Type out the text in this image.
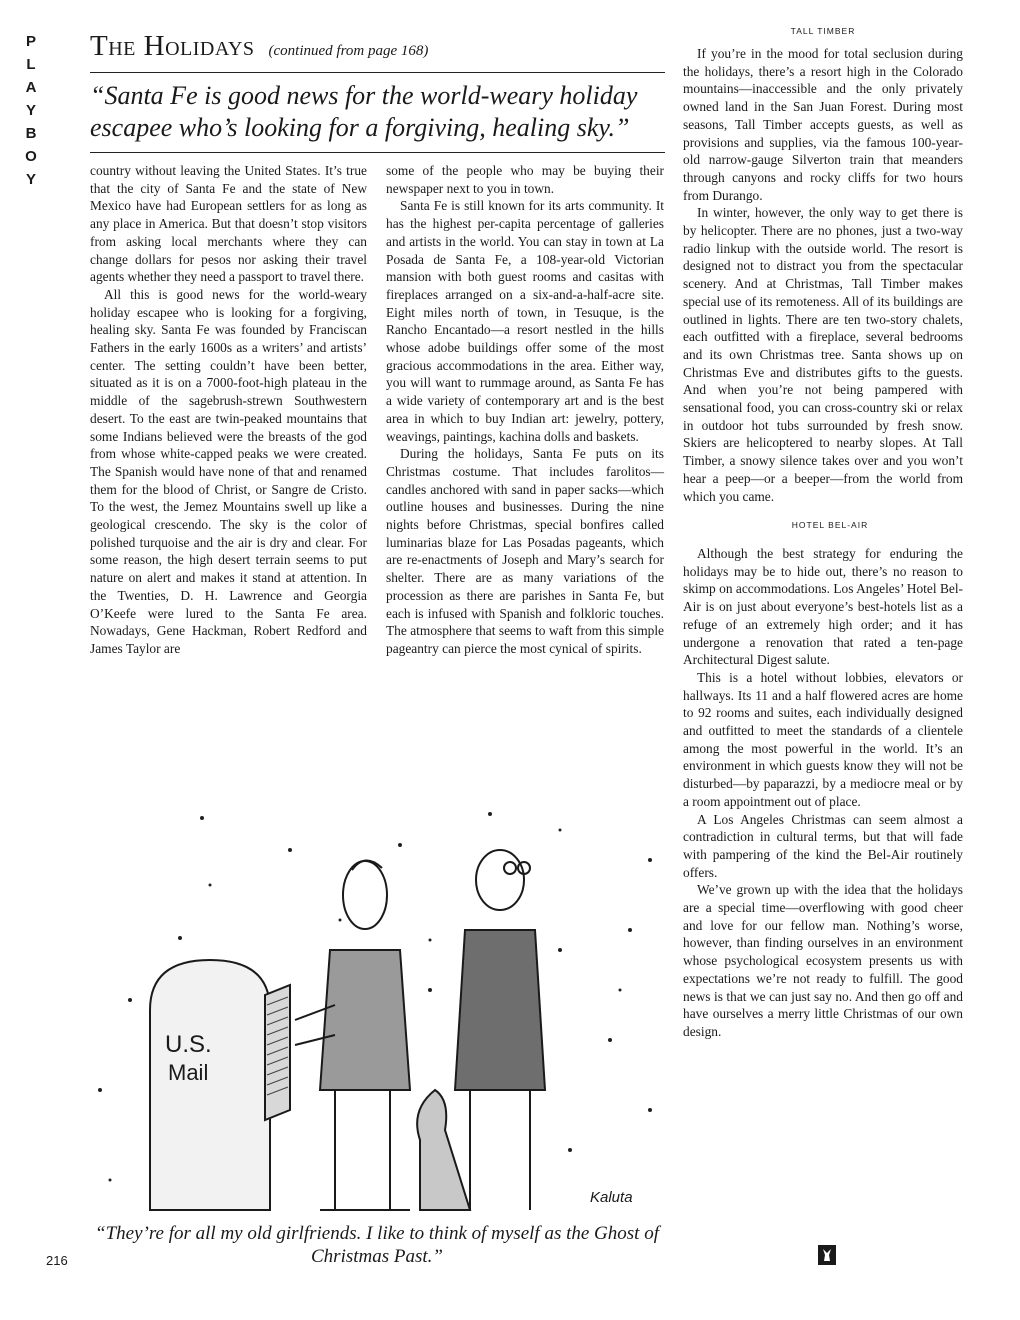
P
L
A
Y
B
O
Y
The Holidays (continued from page 168)
“Santa Fe is good news for the world-weary holiday escapee who’s looking for a forgiving, healing sky.”

country without leaving the United States. It’s true that the city of Santa Fe and the state of New Mexico have had European settlers for as long as any place in America. But that doesn’t stop visitors from asking local merchants where they can change dollars for pesos nor asking their travel agents whether they need a passport to travel there.

All this is good news for the world-weary holiday escapee who is looking for a forgiving, healing sky. Santa Fe was founded by Franciscan Fathers in the early 1600s as a writers’ and artists’ center. The setting couldn’t have been better, situated as it is on a 7000-foot-high plateau in the middle of the sagebrush-strewn Southwestern desert. To the east are twin-peaked mountains that some Indians believed were the breasts of the god from whose white-capped peaks we were created. The Spanish would have none of that and renamed them for the blood of Christ, or Sangre de Cristo. To the west, the Jemez Mountains swell up like a geological crescendo. The sky is the color of polished turquoise and the air is dry and clear. For some reason, the high desert terrain seems to put nature on alert and makes it stand at attention. In the Twenties, D. H. Lawrence and Georgia O’Keefe were lured to the Santa Fe area. Nowadays, Gene Hackman, Robert Redford and James Taylor are

some of the people who may be buying their newspaper next to you in town.

Santa Fe is still known for its arts community. It has the highest per-capita percentage of galleries and artists in the world. You can stay in town at La Posada de Santa Fe, a 108-year-old Victorian mansion with both guest rooms and casitas with fireplaces arranged on a six-and-a-half-acre site. Eight miles north of town, in Tesuque, is the Rancho Encantado—a resort nestled in the hills whose adobe buildings offer some of the most gracious accommodations in the area. Either way, you will want to rummage around, as Santa Fe has a wide variety of contemporary art and is the best area in which to buy Indian art: jewelry, pottery, weavings, paintings, kachina dolls and baskets.

During the holidays, Santa Fe puts on its Christmas costume. That includes farolitos—candles anchored with sand in paper sacks—which outline houses and businesses. During the nine nights before Christmas, special bonfires called luminarias blaze for Las Posadas pageants, which are re-enactments of Joseph and Mary’s search for shelter. There are as many variations of the procession as there are parishes in Santa Fe, but each is infused with Spanish and folkloric touches. The atmosphere that seems to waft from this simple pageantry can pierce the most cynical of spirits.

TALL TIMBER

If you’re in the mood for total seclusion during the holidays, there’s a resort high in the Colorado mountains—inaccessible and the only privately owned land in the San Juan Forest. During most seasons, Tall Timber accepts guests, as well as provisions and supplies, via the famous 100-year-old narrow-gauge Silverton train that meanders through canyons and rocky cliffs for two hours from Durango.

In winter, however, the only way to get there is by helicopter. There are no phones, just a two-way radio linkup with the outside world. The resort is designed not to distract you from the spectacular scenery. And at Christmas, Tall Timber makes special use of its remoteness. All of its buildings are outlined in lights. There are ten two-story chalets, each outfitted with a fireplace, several bedrooms and its own Christmas tree. Santa shows up on Christmas Eve and distributes gifts to the guests. And when you’re not being pampered with sensational food, you can cross-country ski or relax in outdoor hot tubs surrounded by fresh snow. Skiers are helicoptered to nearby slopes. At Tall Timber, a snowy silence takes over and you won’t hear a peep—or a beeper—from the world from which you came.

HOTEL BEL-AIR

Although the best strategy for enduring the holidays may be to hide out, there’s no reason to skimp on accommodations. Los Angeles’ Hotel Bel-Air is on just about everyone’s best-hotels list as a refuge of an extremely high order; and it has undergone a renovation that rated a ten-page Architectural Digest salute.

This is a hotel without lobbies, elevators or hallways. Its 11 and a half flowered acres are home to 92 rooms and suites, each individually designed and outfitted to meet the standards of a clientele among the most powerful in the world. It’s an environment in which guests know they will not be disturbed—by paparazzi, by a mediocre meal or by a room appointment out of place.

A Los Angeles Christmas can seem almost a contradiction in cultural terms, but that will fade with pampering of the kind the Bel-Air routinely offers.

We’ve grown up with the idea that the holidays are a special time—overflowing with good cheer and love for our fellow man. Nothing’s worse, however, than finding ourselves in an environment whose psychological ecosystem presents us with expectations we’re not ready to fulfill. The good news is that we can just say no. And then go off and have ourselves a merry little Christmas of our own design.

U.S.
Mail
Kaluta
“They’re for all my old girlfriends. I like to think of myself as the Ghost of Christmas Past.”
216
